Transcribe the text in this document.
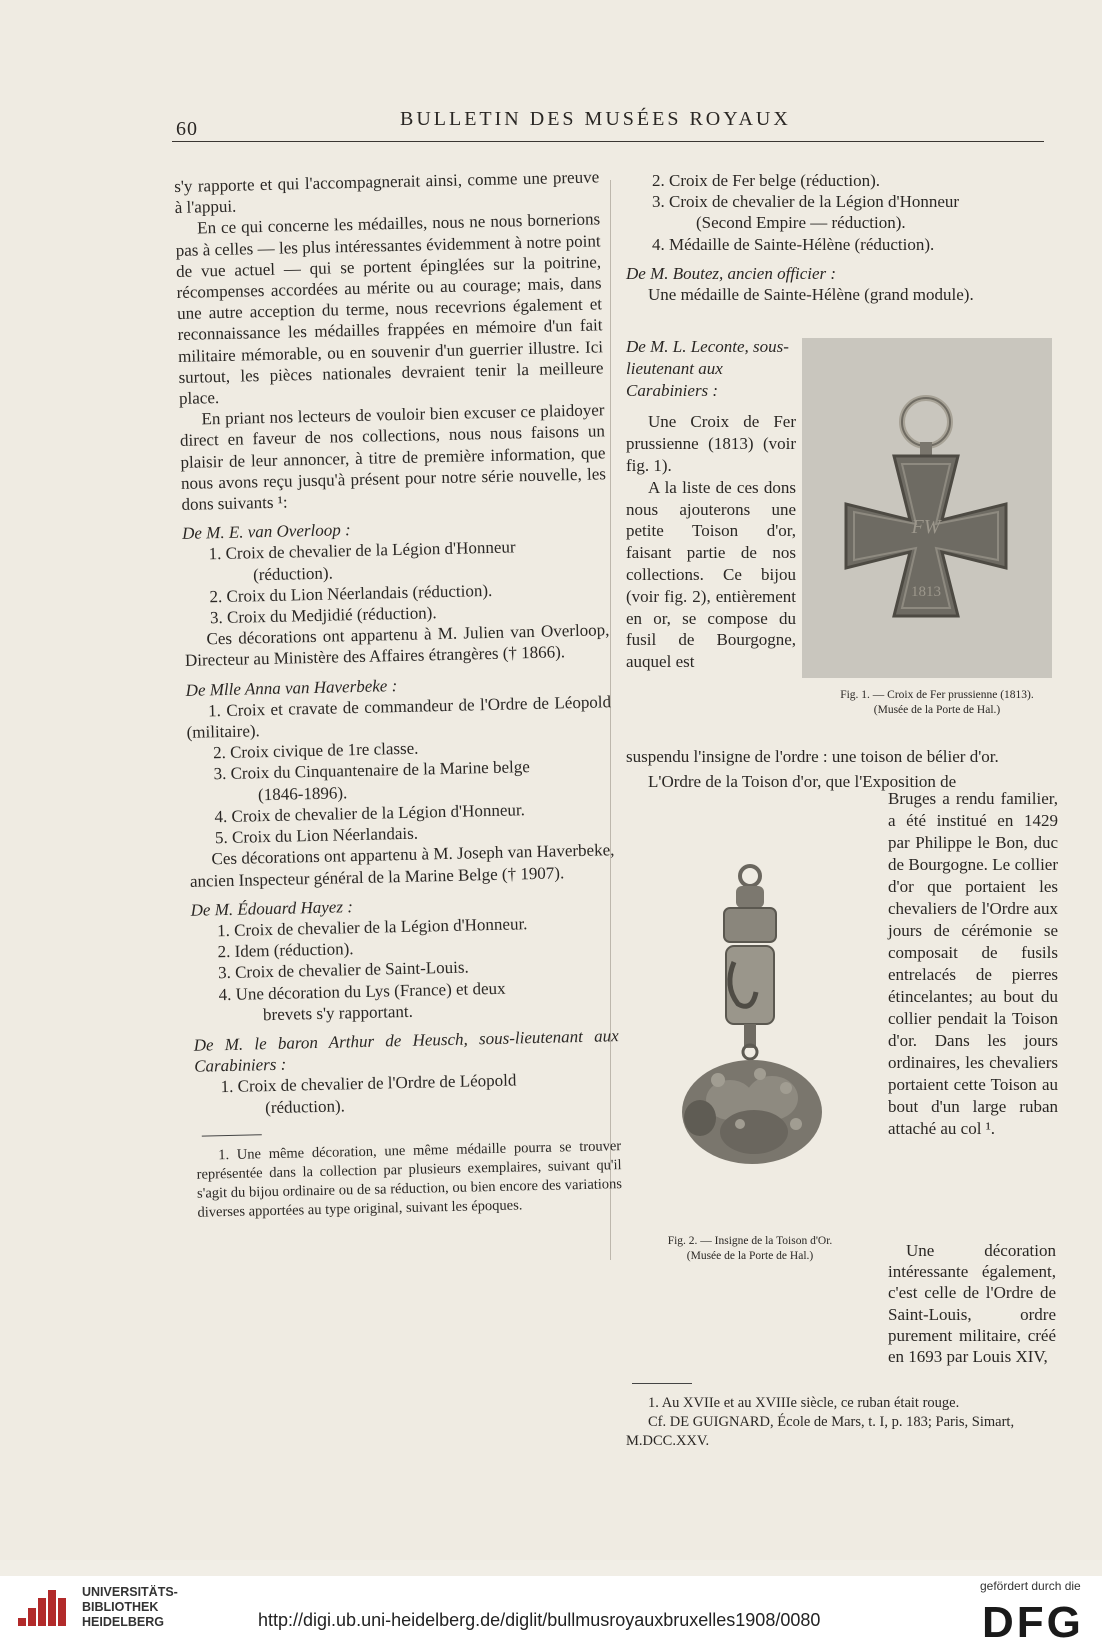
60	BULLETIN DES MUSÉES ROYAUX

s'y rapporte et qui l'accompagnerait ainsi, comme une preuve à l'appui.

En ce qui concerne les médailles, nous ne nous bornerions pas à celles — les plus intéressantes évidemment à notre point de vue actuel — qui se portent épinglées sur la poitrine, récompenses accordées au mérite ou au courage; mais, dans une autre acception du terme, nous recevrions également et reconnaissance les médailles frappées en mémoire d'un fait militaire mémorable, ou en souvenir d'un guerrier illustre. Ici surtout, les pièces nationales devraient tenir la meilleure place.

En priant nos lecteurs de vouloir bien excuser ce plaidoyer direct en faveur de nos collections, nous nous faisons un plaisir de leur annoncer, à titre de première information, que nous avons reçu jusqu'à présent pour notre série nouvelle, les dons suivants ¹:

De M. E. van Overloop :

1. Croix de chevalier de la Légion d'Honneur

(réduction).

2. Croix du Lion Néerlandais (réduction).

3. Croix du Medjidié (réduction).

Ces décorations ont appartenu à M. Julien van Overloop, Directeur au Ministère des Affaires étrangères († 1866).

De Mlle Anna van Haverbeke :

1. Croix et cravate de commandeur de l'Ordre de Léopold (militaire).

2. Croix civique de 1re classe.

3. Croix du Cinquantenaire de la Marine belge

(1846-1896).

4. Croix de chevalier de la Légion d'Honneur.

5. Croix du Lion Néerlandais.

Ces décorations ont appartenu à M. Joseph van Haverbeke, ancien Inspecteur général de la Marine Belge († 1907).

De M. Édouard Hayez :

1. Croix de chevalier de la Légion d'Honneur.

2. Idem (réduction).

3. Croix de chevalier de Saint-Louis.

4. Une décoration du Lys (France) et deux

brevets s'y rapportant.

De M. le baron Arthur de Heusch, sous-lieutenant aux Carabiniers :

1. Croix de chevalier de l'Ordre de Léopold

(réduction).

1. Une même décoration, une même médaille pourra se trouver représentée dans la collection par plusieurs exemplaires, suivant qu'il s'agit du bijou ordinaire ou de sa réduction, ou bien encore des variations diverses apportées au type original, suivant les époques.

2. Croix de Fer belge (réduction).

3. Croix de chevalier de la Légion d'Honneur

(Second Empire — réduction).

4. Médaille de Sainte-Hélène (réduction).

De M. Boutez, ancien officier :

Une médaille de Sainte-Hélène (grand module).

De M. L. Leconte, sous-lieutenant aux Carabiniers :

Une Croix de Fer prussienne (1813) (voir fig. 1).

A la liste de ces dons nous ajouterons une petite Toison d'or, faisant partie de nos collections. Ce bijou (voir fig. 2), entièrement en or, se compose du fusil de Bourgogne, auquel est

FW
1813
Fig. 1. — Croix de Fer prussienne (1813).
(Musée de la Porte de Hal.)

suspendu l'insigne de l'ordre : une toison de bélier d'or.

L'Ordre de la Toison d'or, que l'Exposition de

Bruges a rendu familier, a été institué en 1429 par Philippe le Bon, duc de Bourgogne. Le collier d'or que portaient les chevaliers de l'Ordre aux jours de cérémonie se composait de fusils entrelacés de pierres étincelantes; au bout du collier pendait la Toison d'or. Dans les jours ordinaires, les chevaliers portaient cette Toison au bout d'un large ruban attaché au col ¹.

Fig. 2. — Insigne de la Toison d'Or.
(Musée de la Porte de Hal.)	Une décoration intéressante également, c'est celle de l'Ordre de Saint-Louis, ordre purement militaire, créé en 1693 par Louis XIV,

1. Au XVIIe et au XVIIIe siècle, ce ruban était rouge.

Cf. DE GUIGNARD, École de Mars, t. I, p. 183; Paris, Simart, M.DCC.XXV.

UNIVERSITÄTS-
BIBLIOTHEK
HEIDELBERG	http://digi.ub.uni-heidelberg.de/diglit/bullmusroyauxbruxelles1908/0080
gefördert durch die
DFG
